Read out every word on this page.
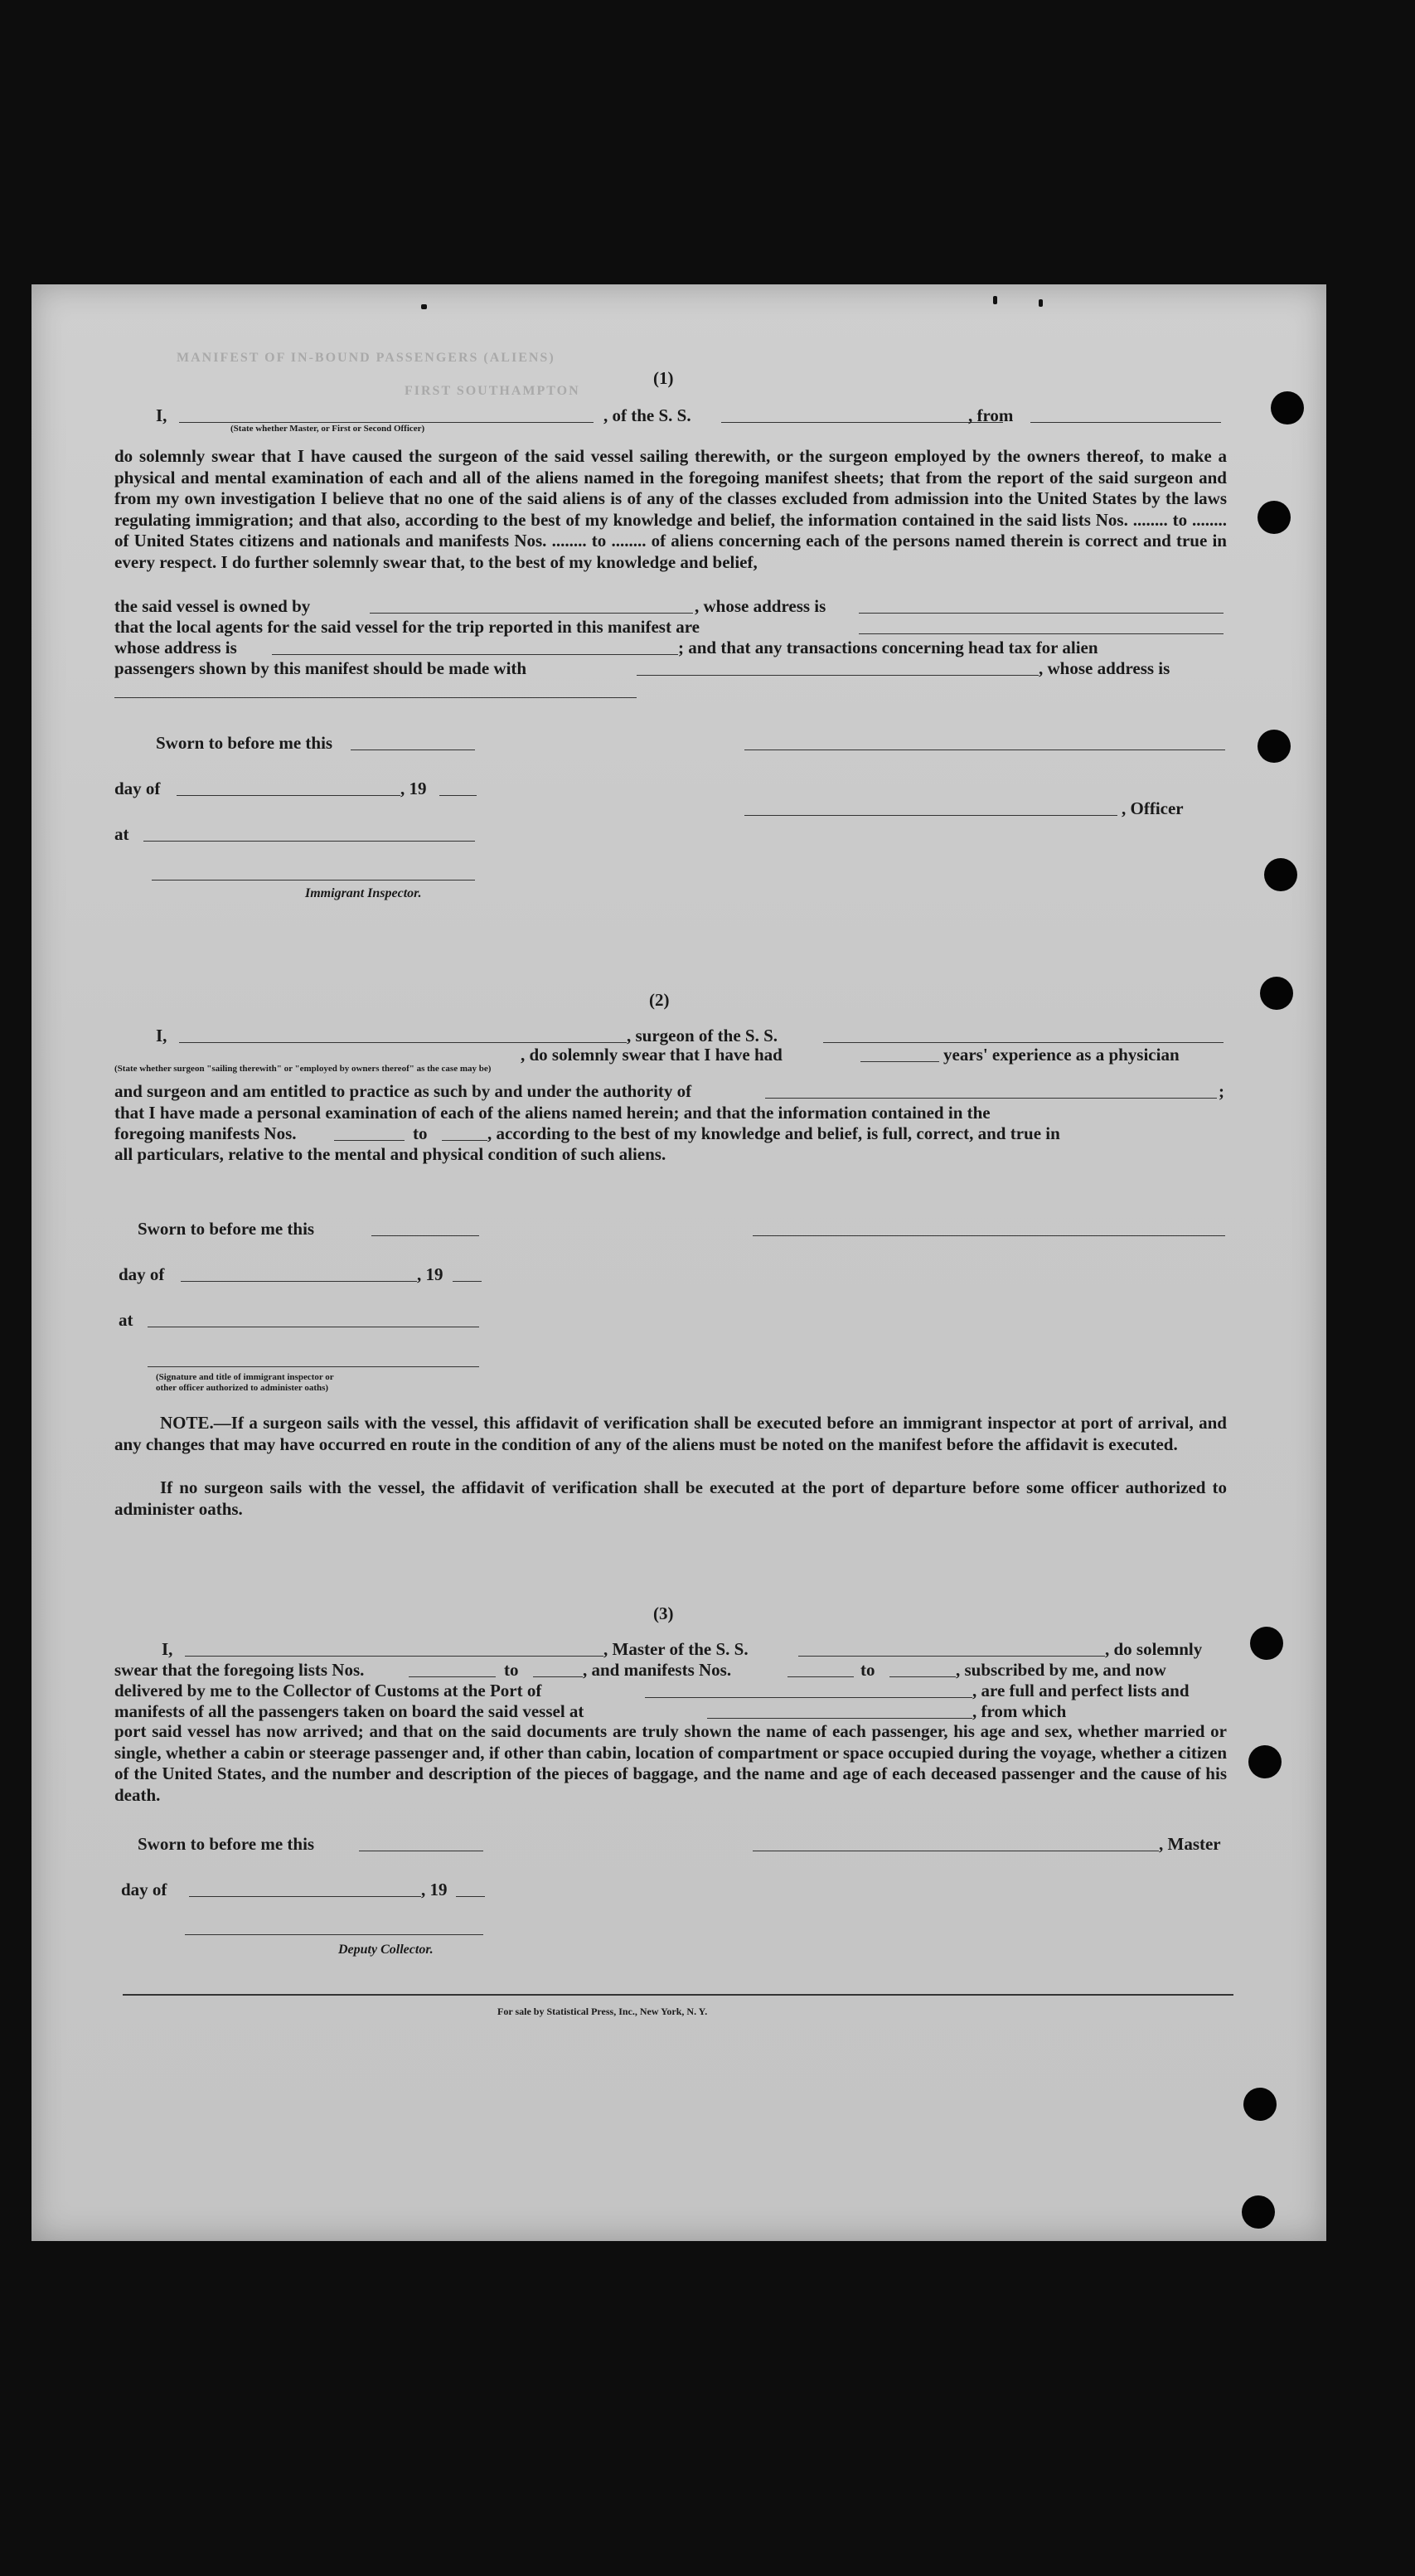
MANIFEST OF IN-BOUND PASSENGERS (ALIENS)
FIRST SOUTHAMPTON
(1)
I,
(State whether Master, or First or Second Officer)
, of the S. S.	, from
do solemnly swear that I have caused the surgeon of the said vessel sailing therewith, or the surgeon employed by the owners thereof, to make a physical and mental examination of each and all of the aliens named in the foregoing manifest sheets; that from the report of the said surgeon and from my own investigation I believe that no one of the said aliens is of any of the classes excluded from admission into the United States by the laws regulating immigration; and that also, according to the best of my knowledge and belief, the information contained in the said lists Nos. ........ to ........ of United States citizens and nationals and manifests Nos. ........ to ........ of aliens concerning each of the persons named therein is correct and true in every respect. I do further solemnly swear that, to the best of my knowledge and belief,
the said vessel is owned by	, whose address is
that the local agents for the said vessel for the trip reported in this manifest are
whose address is	; and that any transactions concerning head tax for alien
passengers shown by this manifest should be made with	, whose address is
Sworn to before me this
day of	, 19
, Officer
at
Immigrant Inspector.
(2)
I,	, surgeon of the S. S.
, do solemnly swear that I have had	years' experience as a physician
(State whether surgeon "sailing therewith" or "employed by owners thereof" as the case may be)
and surgeon and am entitled to practice as such by and under the authority of	;
that I have made a personal examination of each of the aliens named herein; and that the information contained in the
foregoing manifests Nos.	to	, according to the best of my knowledge and belief, is full, correct, and true in
all particulars, relative to the mental and physical condition of such aliens.
Sworn to before me this
day of	, 19
at
(Signature and title of immigrant inspector or
other officer authorized to administer oaths)
NOTE.—If a surgeon sails with the vessel, this affidavit of verification shall be executed before an immigrant inspector at port of arrival, and any changes that may have occurred en route in the condition of any of the aliens must be noted on the manifest before the affidavit is executed.
If no surgeon sails with the vessel, the affidavit of verification shall be executed at the port of departure before some officer authorized to administer oaths.
(3)
I,	, Master of the S. S.	, do solemnly
swear that the foregoing lists Nos.	to	, and manifests Nos.	to	, subscribed by me, and now
delivered by me to the Collector of Customs at the Port of	, are full and perfect lists and
manifests of all the passengers taken on board the said vessel at	, from which
port said vessel has now arrived; and that on the said documents are truly shown the name of each passenger, his age and sex, whether married or single, whether a cabin or steerage passenger and, if other than cabin, location of compartment or space occupied during the voyage, whether a citizen of the United States, and the number and description of the pieces of baggage, and the name and age of each deceased passenger and the cause of his death.
Sworn to before me this	, Master
day of	, 19
Deputy Collector.
For sale by Statistical Press, Inc., New York, N. Y.
